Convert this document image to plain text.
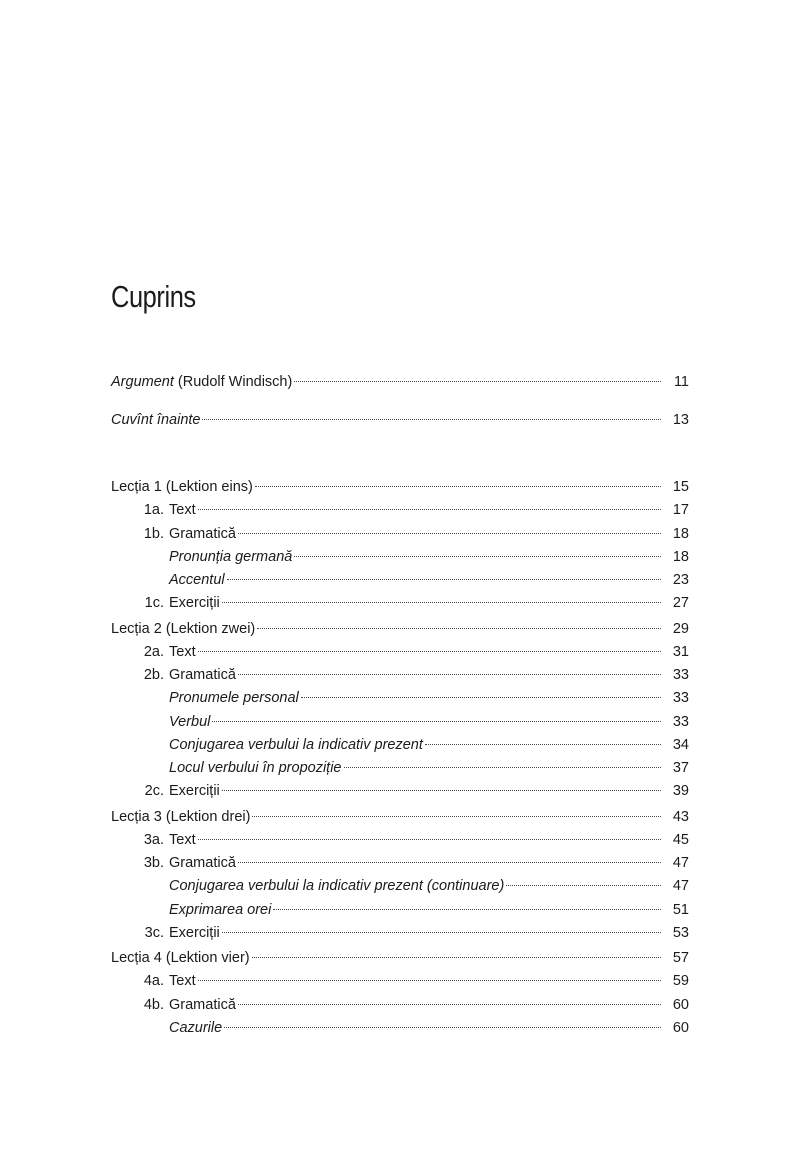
Cuprins
Argument (Rudolf Windisch)	11
Cuvînt înainte	13
Lecția 1 (Lektion eins)	15
1a. Text	17
1b. Gramatică	18
Pronunția germană	18
Accentul	23
1c. Exerciții	27
Lecția 2 (Lektion zwei)	29
2a. Text	31
2b. Gramatică	33
Pronumele personal	33
Verbul	33
Conjugarea verbului la indicativ prezent	34
Locul verbului în propoziție	37
2c. Exerciții	39
Lecția 3 (Lektion drei)	43
3a. Text	45
3b. Gramatică	47
Conjugarea verbului la indicativ prezent (continuare)	47
Exprimarea orei	51
3c. Exerciții	53
Lecția 4 (Lektion vier)	57
4a. Text	59
4b. Gramatică	60
Cazurile	60
